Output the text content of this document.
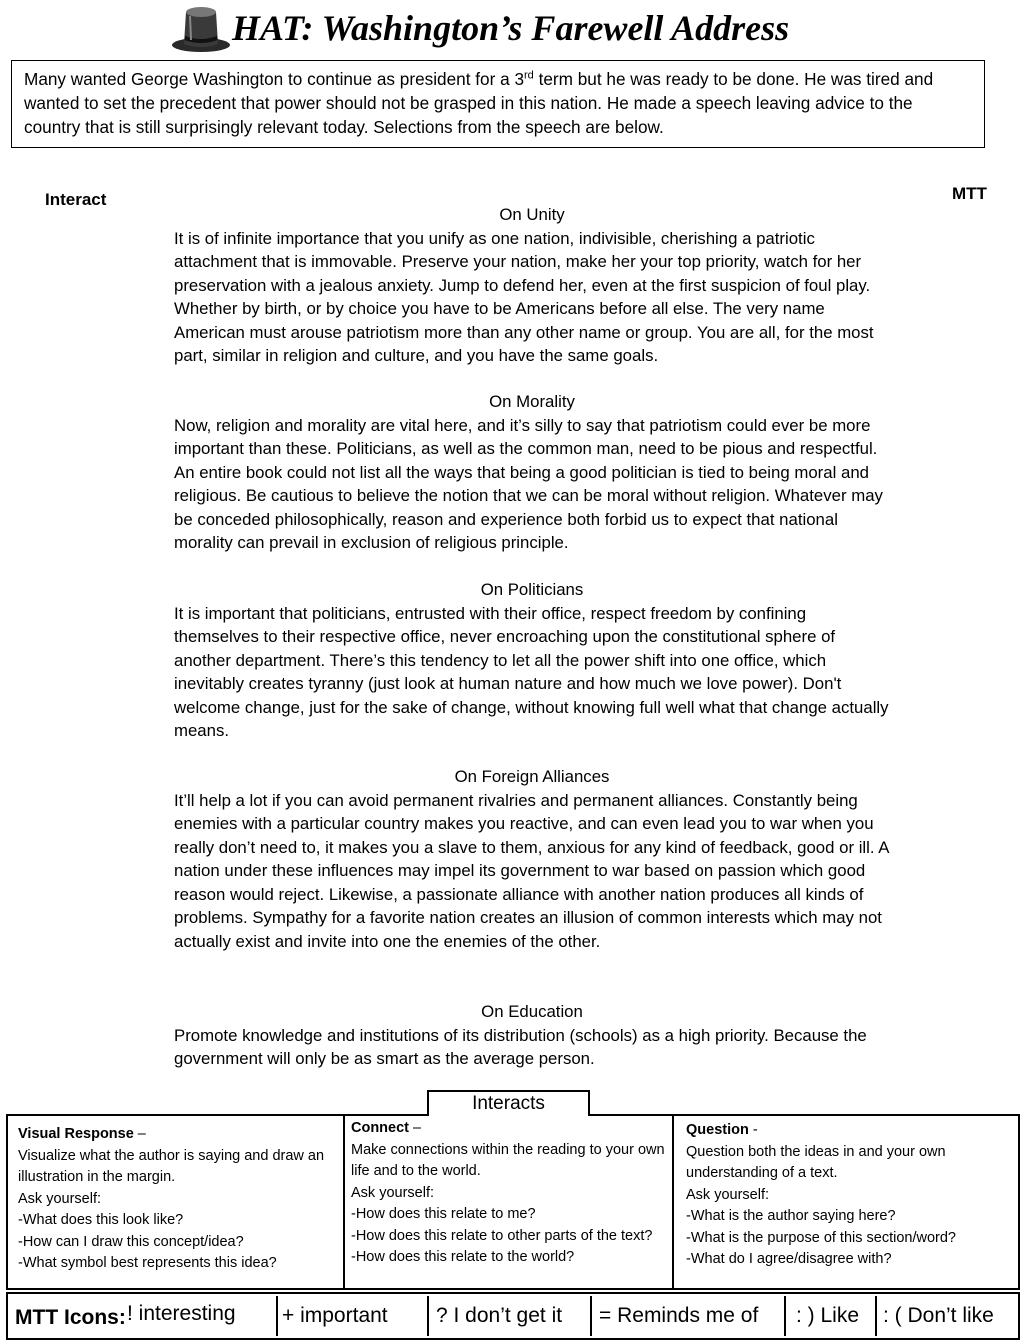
HAT: Washington’s Farewell Address
Many wanted George Washington to continue as president for a 3rd term but he was ready to be done. He was tired and wanted to set the precedent that power should not be grasped in this nation. He made a speech leaving advice to the country that is still surprisingly relevant today. Selections from the speech are below.
Interact	MTT
On Unity
It is of infinite importance that you unify as one nation, indivisible, cherishing a patriotic attachment that is immovable. Preserve your nation, make her your top priority, watch for her preservation with a jealous anxiety. Jump to defend her, even at the first suspicion of foul play. Whether by birth, or by choice you have to be Americans before all else. The very name American must arouse patriotism more than any other name or group. You are all, for the most part, similar in religion and culture, and you have the same goals.
On Morality
Now, religion and morality are vital here, and it’s silly to say that patriotism could ever be more important than these. Politicians, as well as the common man, need to be pious and respectful. An entire book could not list all the ways that being a good politician is tied to being moral and religious. Be cautious to believe the notion that we can be moral without religion. Whatever may be conceded philosophically, reason and experience both forbid us to expect that national morality can prevail in exclusion of religious principle.
On Politicians
It is important that politicians, entrusted with their office, respect freedom by confining themselves to their respective office, never encroaching upon the constitutional sphere of another department. There’s this tendency to let all the power shift into one office, which inevitably creates tyranny (just look at human nature and how much we love power). Don't welcome change, just for the sake of change, without knowing full well what that change actually means.
On Foreign Alliances
It’ll help a lot if you can avoid permanent rivalries and permanent alliances. Constantly being enemies with a particular country makes you reactive, and can even lead you to war when you really don’t need to, it makes you a slave to them, anxious for any kind of feedback, good or ill. A nation under these influences may impel its government to war based on passion which good reason would reject. Likewise, a passionate alliance with another nation produces all kinds of problems. Sympathy for a favorite nation creates an illusion of common interests which may not actually exist and invite into one the enemies of the other.
On Education
Promote knowledge and institutions of its distribution (schools) as a high priority. Because the government will only be as smart as the average person.
Interacts
Visual Response –
Visualize what the author is saying and draw an illustration in the margin.
Ask yourself:
-What does this look like?
-How can I draw this concept/idea?
-What symbol best represents this idea?
Connect –
Make connections within the reading to your own life and to the world.
Ask yourself:
-How does this relate to me?
-How does this relate to other parts of the text?
-How does this relate to the world?
Question -
Question both the ideas in and your own understanding of a text.
Ask yourself:
-What is the author saying here?
-What is the purpose of this section/word?
-What do I agree/disagree with?
MTT Icons: ! interesting + important ? I don’t get it = Reminds me of : ) Like : ( Don’t like
